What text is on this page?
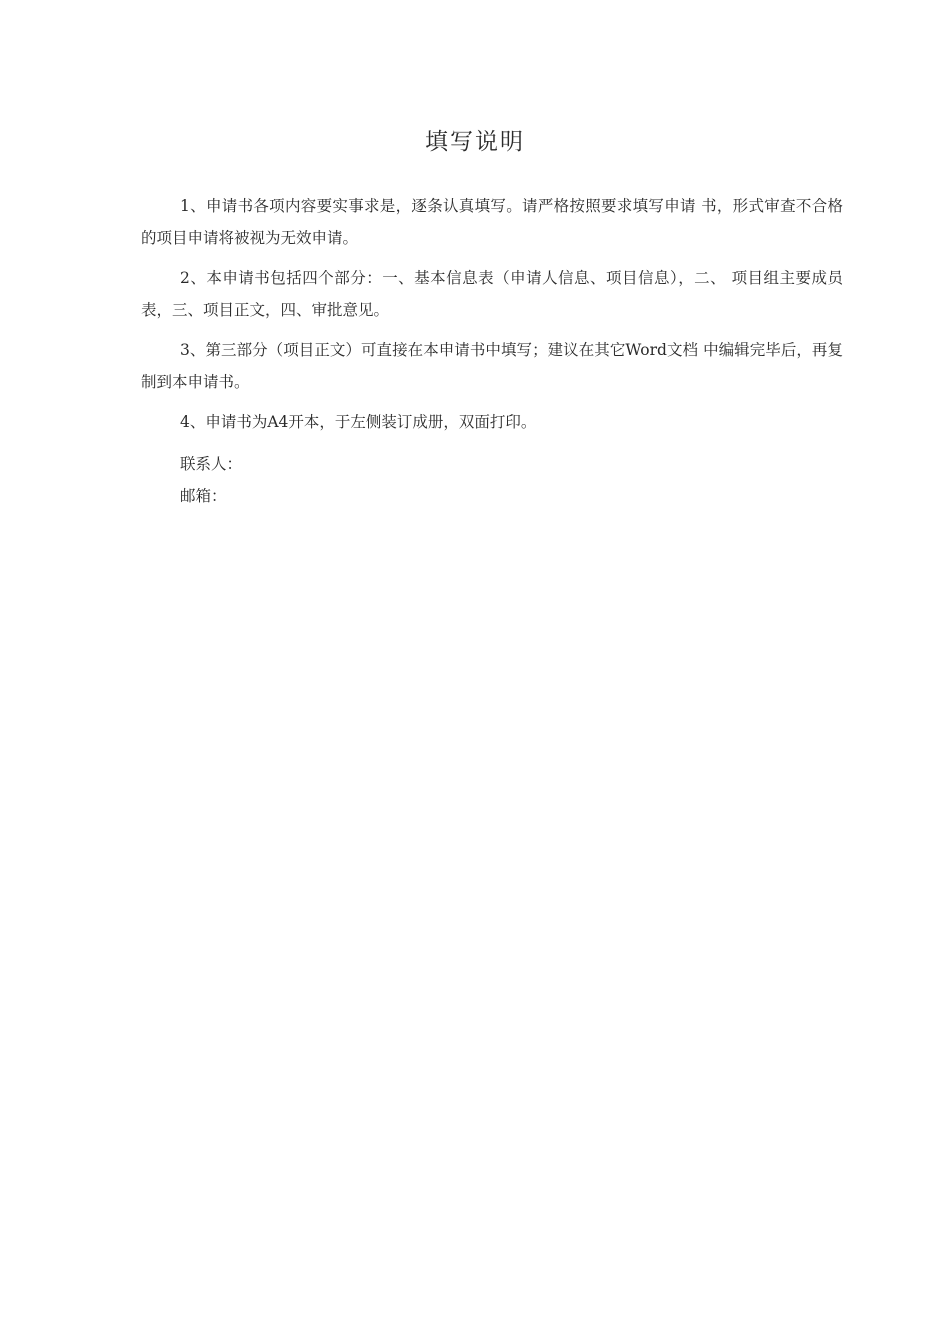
填写说明

1、申请书各项内容要实事求是，逐条认真填写。请严格按照要求填写申请 书，形式审查不合格的项目申请将被视为无效申请。

2、本申请书包括四个部分：一、基本信息表（申请人信息、项目信息），二、 项目组主要成员表，三、项目正文，四、审批意见。

3、第三部分（项目正文）可直接在本申请书中填写；建议在其它Word文档 中编辑完毕后，再复制到本申请书。

4、申请书为A4开本，于左侧装订成册，双面打印。

联系人：

邮箱：
